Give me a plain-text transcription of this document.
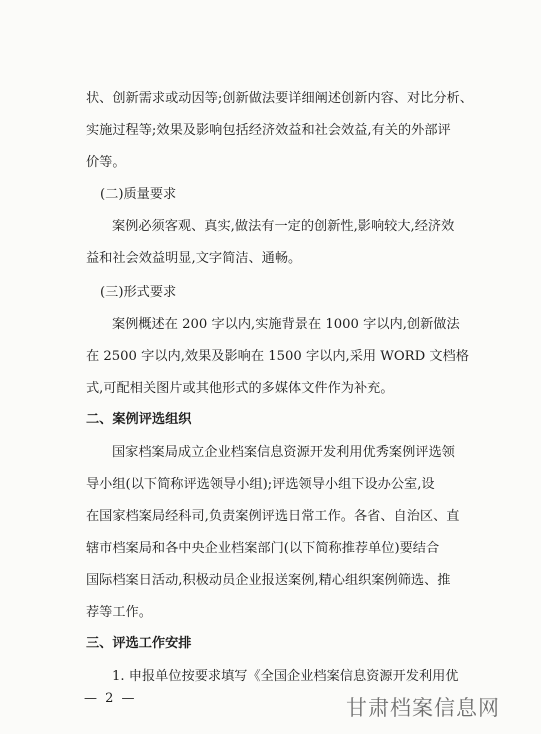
状、创新需求或动因等;创新做法要详细阐述创新内容、对比分析、
实施过程等;效果及影响包括经济效益和社会效益,有关的外部评
价等。
(二)质量要求
案例必须客观、真实,做法有一定的创新性,影响较大,经济效
益和社会效益明显,文字简洁、通畅。
(三)形式要求
案例概述在 200 字以内,实施背景在 1000 字以内,创新做法
在 2500 字以内,效果及影响在 1500 字以内,采用 WORD 文档格
式,可配相关图片或其他形式的多媒体文件作为补充。
二、案例评选组织
国家档案局成立企业档案信息资源开发利用优秀案例评选领
导小组(以下简称评选领导小组);评选领导小组下设办公室,设
在国家档案局经科司,负责案例评选日常工作。各省、自治区、直
辖市档案局和各中央企业档案部门(以下简称推荐单位)要结合
国际档案日活动,积极动员企业报送案例,精心组织案例筛选、推
荐等工作。
三、评选工作安排
1. 申报单位按要求填写《全国企业档案信息资源开发利用优
— 2 —	甘肃档案信息网
